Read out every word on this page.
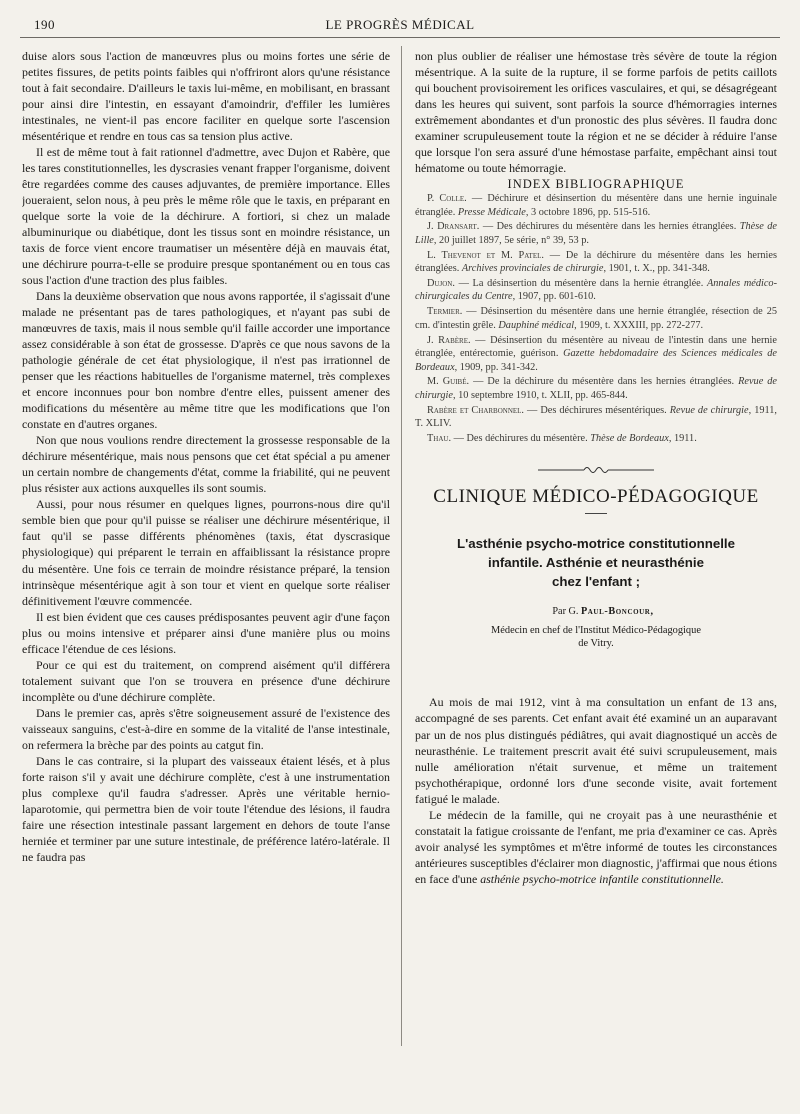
190	LE PROGRÈS MÉDICAL

duise alors sous l'action de manœuvres plus ou moins fortes une série de petites fissures, de petits points faibles qui n'offriront alors qu'une résistance tout à fait secondaire. D'ailleurs le taxis lui-même, en mobilisant, en brassant pour ainsi dire l'intestin, en essayant d'amoindrir, d'effiler les lumières intestinales, ne vient-il pas encore faciliter en quelque sorte l'ascension mésentérique et rendre en tous cas sa tension plus active.

Il est de même tout à fait rationnel d'admettre, avec Dujon et Rabère, que les tares constitutionnelles, les dyscrasies venant frapper l'organisme, doivent être regardées comme des causes adjuvantes, de première importance. Elles joueraient, selon nous, à peu près le même rôle que le taxis, en préparant en quelque sorte la voie de la déchirure. A fortiori, si chez un malade albuminurique ou diabétique, dont les tissus sont en moindre résistance, un taxis de force vient encore traumatiser un mésentère déjà en mauvais état, une déchirure pourra-t-elle se produire presque spontanément ou en tous cas sous l'action d'une traction des plus faibles.

Dans la deuxième observation que nous avons rapportée, il s'agissait d'une malade ne présentant pas de tares pathologiques, et n'ayant pas subi de manœuvres de taxis, mais il nous semble qu'il faille accorder une importance assez considérable à son état de grossesse. D'après ce que nous savons de la pathologie générale de cet état physiologique, il n'est pas irrationnel de penser que les réactions habituelles de l'organisme maternel, très complexes et encore inconnues pour bon nombre d'entre elles, puissent amener des modifications du mésentère au même titre que les modifications que l'on constate en d'autres organes.

Non que nous voulions rendre directement la grossesse responsable de la déchirure mésentérique, mais nous pensons que cet état spécial a pu amener un certain nombre de changements d'état, comme la friabilité, qui ne peuvent plus résister aux actions auxquelles ils sont soumis.

Aussi, pour nous résumer en quelques lignes, pourrons-nous dire qu'il semble bien que pour qu'il puisse se réaliser une déchirure mésentérique, il faut qu'il se passe différents phénomènes (taxis, état dyscrasique physiologique) qui préparent le terrain en affaiblissant la résistance propre du mésentère. Une fois ce terrain de moindre résistance préparé, la tension intrinsèque mésentérique agit à son tour et vient en quelque sorte réaliser définitivement l'œuvre commencée.

Il est bien évident que ces causes prédisposantes peuvent agir d'une façon plus ou moins intensive et préparer ainsi d'une manière plus ou moins efficace l'étendue de ces lésions.

Pour ce qui est du traitement, on comprend aisément qu'il différera totalement suivant que l'on se trouvera en présence d'une déchirure incomplète ou d'une déchirure complète.

Dans le premier cas, après s'être soigneusement assuré de l'existence des vaisseaux sanguins, c'est-à-dire en somme de la vitalité de l'anse intestinale, on refermera la brèche par des points au catgut fin.

Dans le cas contraire, si la plupart des vaisseaux étaient lésés, et à plus forte raison s'il y avait une déchirure complète, c'est à une instrumentation plus complexe qu'il faudra s'adresser. Après une véritable hernio-laparotomie, qui permettra bien de voir toute l'étendue des lésions, il faudra faire une résection intestinale passant largement en dehors de toute l'anse herniée et terminer par une suture intestinale, de préférence latéro-latérale. Il ne faudra pas

non plus oublier de réaliser une hémostase très sévère de toute la région mésentrique. A la suite de la rupture, il se forme parfois de petits caillots qui bouchent provisoirement les orifices vasculaires, et qui, se désagrégeant dans les heures qui suivent, sont parfois la source d'hémorragies internes extrêmement abondantes et d'un pronostic des plus sévères. Il faudra donc examiner scrupuleusement toute la région et ne se décider à réduire l'anse que lorsque l'on sera assuré d'une hémostase parfaite, empêchant ainsi tout hématome ou toute hémorragie.

INDEX BIBLIOGRAPHIQUE

P. Colle. — Déchirure et désinsertion du mésentère dans une hernie inguinale étranglée. Presse Médicale, 3 octobre 1896, pp. 515-516.

J. Dransart. — Des déchirures du mésentère dans les hernies étranglées. Thèse de Lille, 20 juillet 1897, 5e série, n° 39, 53 p.

L. Thevenot et M. Patel. — De la déchirure du mésentère dans les hernies étranglées. Archives provinciales de chirurgie, 1901, t. X., pp. 341-348.

Dujon. — La désinsertion du mésentère dans la hernie étranglée. Annales médico-chirurgicales du Centre, 1907, pp. 601-610.

Termier. — Désinsertion du mésentère dans une hernie étranglée, résection de 25 cm. d'intestin grêle. Dauphiné médical, 1909, t. XXXIII, pp. 272-277.

J. Rabère. — Désinsertion du mésentère au niveau de l'intestin dans une hernie étranglée, entérectomie, guérison. Gazette hebdomadaire des Sciences médicales de Bordeaux, 1909, pp. 341-342.

M. Guibé. — De la déchirure du mésentère dans les hernies étranglées. Revue de chirurgie, 10 septembre 1910, t. XLII, pp. 465-844.

Rabère et Charbonnel. — Des déchirures mésentériques. Revue de chirurgie, 1911, T. XLIV.

Thau. — Des déchirures du mésentère. Thèse de Bordeaux, 1911.

CLINIQUE MÉDICO-PÉDAGOGIQUE
L'asthénie psycho-motrice constitutionnelle
infantile. Asthénie et neurasthénie
chez l'enfant ;

Par G. Paul-Boncour,

Médecin en chef de l'Institut Médico-Pédagogique
de Vitry.

Au mois de mai 1912, vint à ma consultation un enfant de 13 ans, accompagné de ses parents. Cet enfant avait été examiné un an auparavant par un de nos plus distingués pédiâtres, qui avait diagnostiqué un accès de neurasthénie. Le traitement prescrit avait été suivi scrupuleusement, mais nulle amélioration n'était survenue, et même un traitement psychothérapique, ordonné lors d'une seconde visite, avait fortement fatigué le malade.

Le médecin de la famille, qui ne croyait pas à une neurasthénie et constatait la fatigue croissante de l'enfant, me pria d'examiner ce cas. Après avoir analysé les symptômes et m'être informé de toutes les circonstances antérieures susceptibles d'éclairer mon diagnostic, j'affirmai que nous étions en face d'une asthénie psycho-motrice infantile constitutionnelle.
